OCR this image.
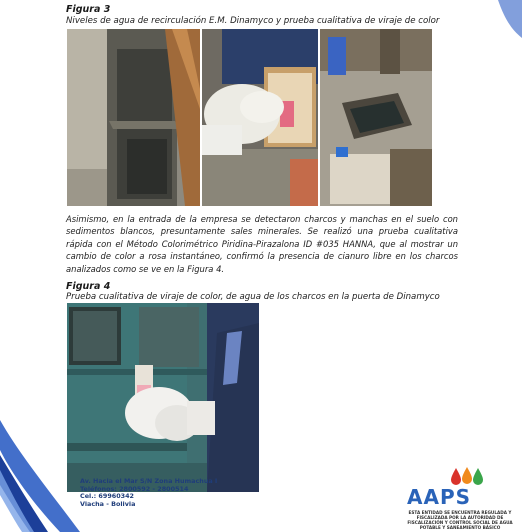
Figura 3
Niveles de agua de recirculación E.M. Dinamyco y prueba cualitativa de viraje de color
Asimismo, en la entrada de la empresa se detectaron charcos y manchas en el suelo con sedimentos blancos, presuntamente sales minerales. Se realizó una prueba cualitativa rápida con el Método Colorimétrico Piridina-Pirazalona ID #035 HANNA, que al mostrar un cambio de color a rosa instantáneo, confirmó la presencia de cianuro libre en los charcos analizados como se ve en la Figura 4.
Figura 4
Prueba cualitativa de viraje de color, de agua de los charcos en la puerta de Dinamyco
Av. Hacia el Mar S/N Zona Humachua I
Teléfonos: 2800592 - 2800514
Cel.: 69960342
Viacha - Bolivia	AAPS
ESTA ENTIDAD SE ENCUENTRA REGULADA Y FISCALIZADA POR LA AUTORIDAD DE FISCALIZACIÓN Y CONTROL SOCIAL DE AGUA POTABLE Y SANEAMIENTO BÁSICO
